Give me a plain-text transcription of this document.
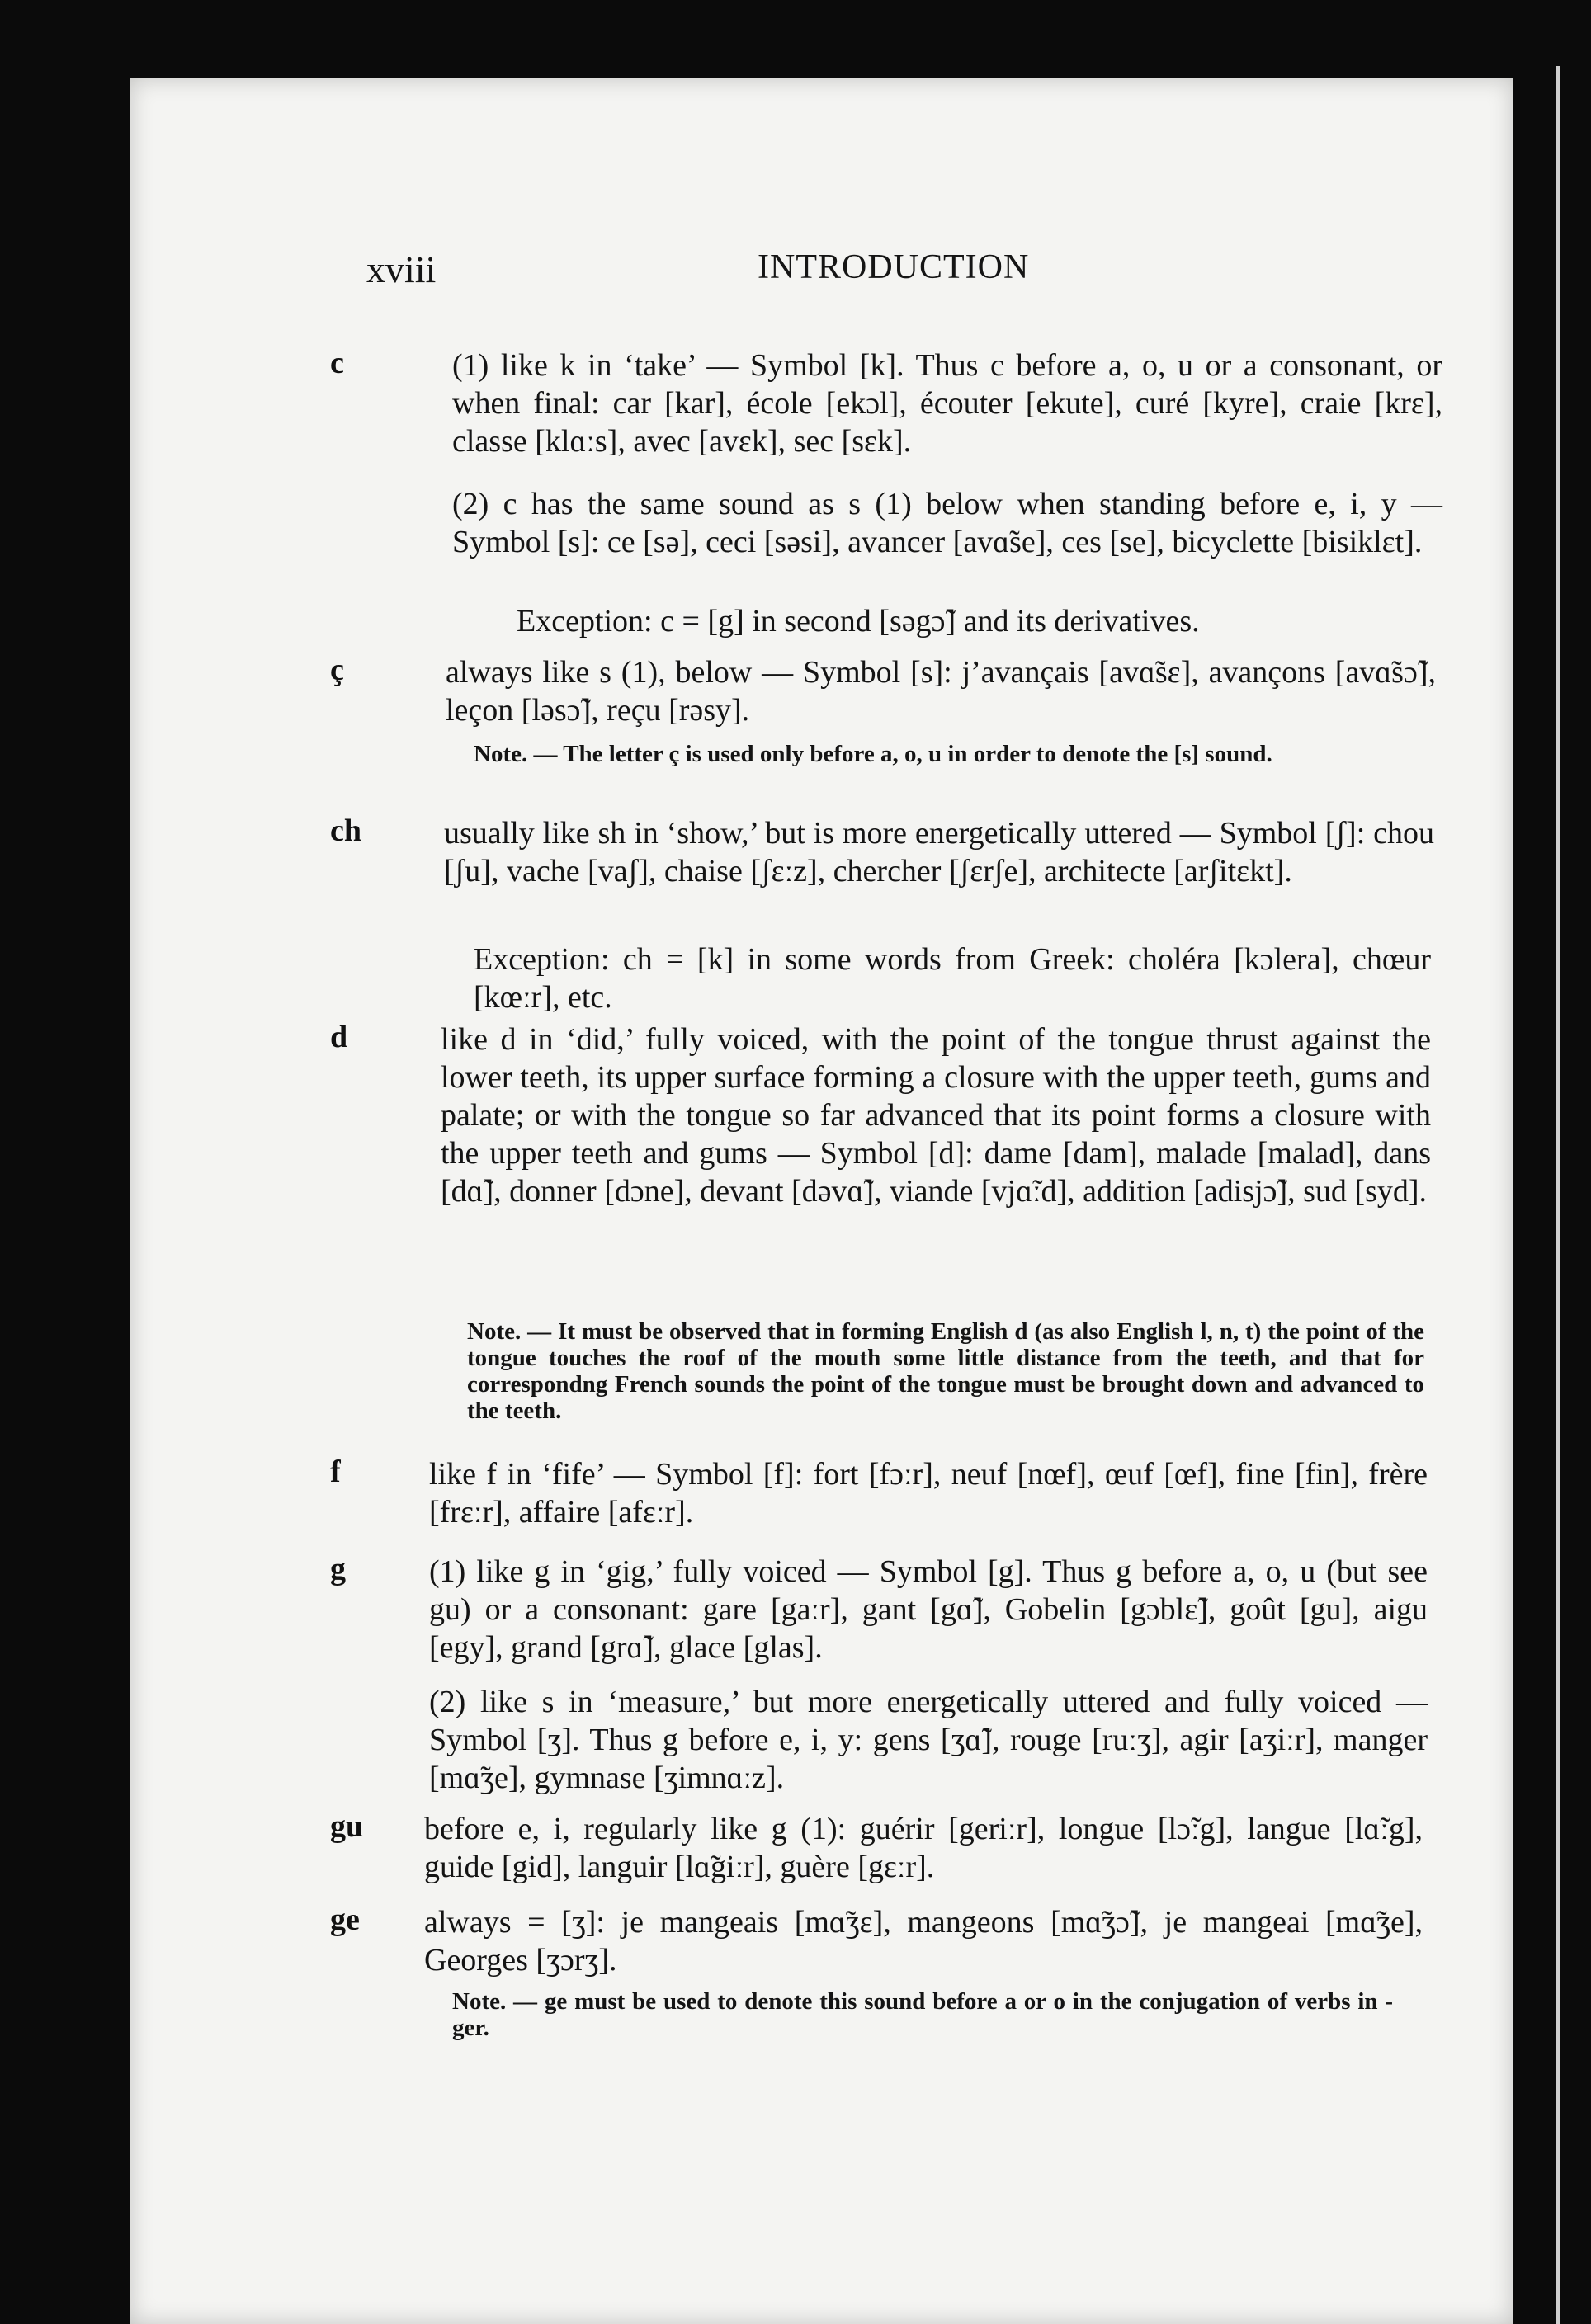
xviii	INTRODUCTION
c	(1) like k in ‘take’ — Symbol [k]. Thus c before a, o, u or a consonant, or when final: car [kar], école [ekɔl], écouter [ekute], curé [kyre], craie [krɛ], classe [klɑːs], avec [avɛk], sec [sɛk].
(2) c has the same sound as s (1) below when standing before e, i, y — Symbol [s]: ce [sə], ceci [səsi], avancer [avɑ̃se], ces [se], bicyclette [bisiklɛt].
Exception: c = [g] in second [səgɔ̃] and its derivatives.
ç	always like s (1), below — Symbol [s]: j’avançais [avɑ̃sɛ], avançons [avɑ̃sɔ̃], leçon [ləsɔ̃], reçu [rəsy].
Note. — The letter ç is used only before a, o, u in order to denote the [s] sound.
ch	usually like sh in ‘show,’ but is more energetically uttered — Symbol [ʃ]: chou [ʃu], vache [vaʃ], chaise [ʃɛːz], chercher [ʃɛrʃe], architecte [arʃitɛkt].
Exception: ch = [k] in some words from Greek: choléra [kɔlera], chœur [kœːr], etc.
d	like d in ‘did,’ fully voiced, with the point of the tongue thrust against the lower teeth, its upper surface forming a closure with the upper teeth, gums and palate; or with the tongue so far advanced that its point forms a closure with the upper teeth and gums — Symbol [d]: dame [dam], malade [malad], dans [dɑ̃], donner [dɔne], devant [dəvɑ̃], viande [vjɑ̃ːd], addition [adisjɔ̃], sud [syd].
Note. — It must be observed that in forming English d (as also English l, n, t) the point of the tongue touches the roof of the mouth some little distance from the teeth, and that for correspondng French sounds the point of the tongue must be brought down and advanced to the teeth.
f	like f in ‘fife’ — Symbol [f]: fort [fɔːr], neuf [nœf], œuf [œf], fine [fin], frère [frɛːr], affaire [afɛːr].
g	(1) like g in ‘gig,’ fully voiced — Symbol [g]. Thus g before a, o, u (but see gu) or a consonant: gare [gaːr], gant [gɑ̃], Gobelin [gɔblɛ̃], goût [gu], aigu [egy], grand [grɑ̃], glace [glas].
(2) like s in ‘measure,’ but more energetically uttered and fully voiced — Symbol [ʒ]. Thus g before e, i, y: gens [ʒɑ̃], rouge [ruːʒ], agir [aʒiːr], manger [mɑ̃ʒe], gymnase [ʒimnɑːz].
gu before e, i, regularly like g (1): guérir [geriːr], longue [lɔ̃ːg], langue [lɑ̃ːg], guide [gid], languir [lɑ̃giːr], guère [gɛːr].
ge always = [ʒ]: je mangeais [mɑ̃ʒɛ], mangeons [mɑ̃ʒɔ̃], je mangeai [mɑ̃ʒe], Georges [ʒɔrʒ].
Note. — ge must be used to denote this sound before a or o in the conjugation of verbs in -ger.
